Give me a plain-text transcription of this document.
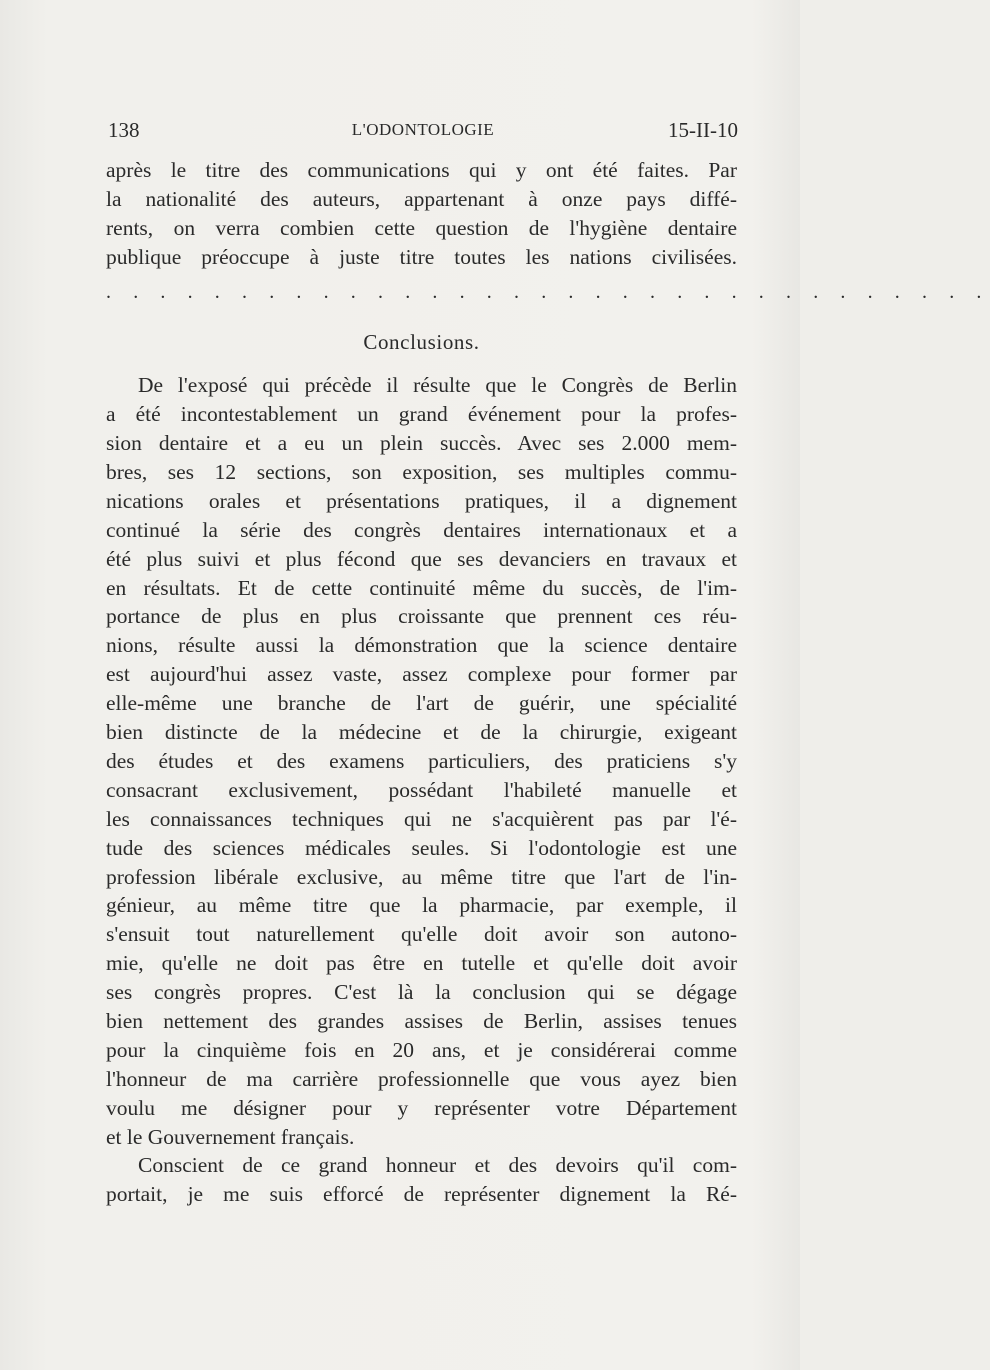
138	L'ODONTOLOGIE	15-II-10
après le titre des communications qui y ont été faites. Par
la nationalité des auteurs, appartenant à onze pays diffé-
rents, on verra combien cette question de l'hygiène dentaire
publique préoccupe à juste titre toutes les nations civilisées.
. . . . . . . . . . . . . . . . . . . . . . . . . . . . . . . . .
Conclusions.
De l'exposé qui précède il résulte que le Congrès de Berlin
a été incontestablement un grand événement pour la profes-
sion dentaire et a eu un plein succès. Avec ses 2.000 mem-
bres, ses 12 sections, son exposition, ses multiples commu-
nications orales et présentations pratiques, il a dignement
continué la série des congrès dentaires internationaux et a
été plus suivi et plus fécond que ses devanciers en travaux et
en résultats. Et de cette continuité même du succès, de l'im-
portance de plus en plus croissante que prennent ces réu-
nions, résulte aussi la démonstration que la science dentaire
est aujourd'hui assez vaste, assez complexe pour former par
elle-même une branche de l'art de guérir, une spécialité
bien distincte de la médecine et de la chirurgie, exigeant
des études et des examens particuliers, des praticiens s'y
consacrant exclusivement, possédant l'habileté manuelle et
les connaissances techniques qui ne s'acquièrent pas par l'é-
tude des sciences médicales seules. Si l'odontologie est une
profession libérale exclusive, au même titre que l'art de l'in-
génieur, au même titre que la pharmacie, par exemple, il
s'ensuit tout naturellement qu'elle doit avoir son autono-
mie, qu'elle ne doit pas être en tutelle et qu'elle doit avoir
ses congrès propres. C'est là la conclusion qui se dégage
bien nettement des grandes assises de Berlin, assises tenues
pour la cinquième fois en 20 ans, et je considérerai comme
l'honneur de ma carrière professionnelle que vous ayez bien
voulu me désigner pour y représenter votre Département
et le Gouvernement français.
Conscient de ce grand honneur et des devoirs qu'il com-
portait, je me suis efforcé de représenter dignement la Ré-
